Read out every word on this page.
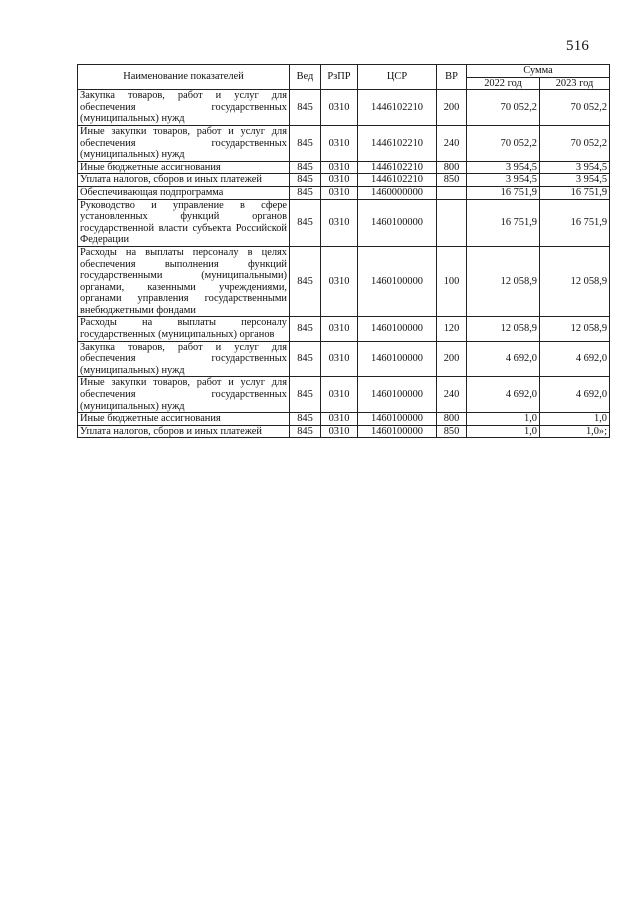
516
Наименование показателей	Вед	РзПР	ЦСР	ВР	Сумма	
					2022 год	2023 год
Закупка товаров, работ и услуг для обеспечения государственных (муниципальных) нужд	845	0310	1446102210	200	70 052,2	70 052,2
Иные закупки товаров, работ и услуг для обеспечения государственных (муниципальных) нужд	845	0310	1446102210	240	70 052,2	70 052,2
Иные бюджетные ассигнования	845	0310	1446102210	800	3 954,5	3 954,5
Уплата налогов, сборов и иных платежей	845	0310	1446102210	850	3 954,5	3 954,5
Обеспечивающая подпрограмма	845	0310	1460000000		16 751,9	16 751,9
Руководство и управление в сфере установленных функций органов государственной власти субъекта Российской Федерации	845	0310	1460100000		16 751,9	16 751,9
Расходы на выплаты персоналу в целях обеспечения выполнения функций государственными (муниципальными) органами, казенными учреждениями, органами управления государственными внебюджетными фондами	845	0310	1460100000	100	12 058,9	12 058,9
Расходы на выплаты персоналу государственных (муниципальных) органов	845	0310	1460100000	120	12 058,9	12 058,9
Закупка товаров, работ и услуг для обеспечения государственных (муниципальных) нужд	845	0310	1460100000	200	4 692,0	4 692,0
Иные закупки товаров, работ и услуг для обеспечения государственных (муниципальных) нужд	845	0310	1460100000	240	4 692,0	4 692,0
Иные бюджетные ассигнования	845	0310	1460100000	800	1,0	1,0
Уплата налогов, сборов и иных платежей	845	0310	1460100000	850	1,0	1,0»;
